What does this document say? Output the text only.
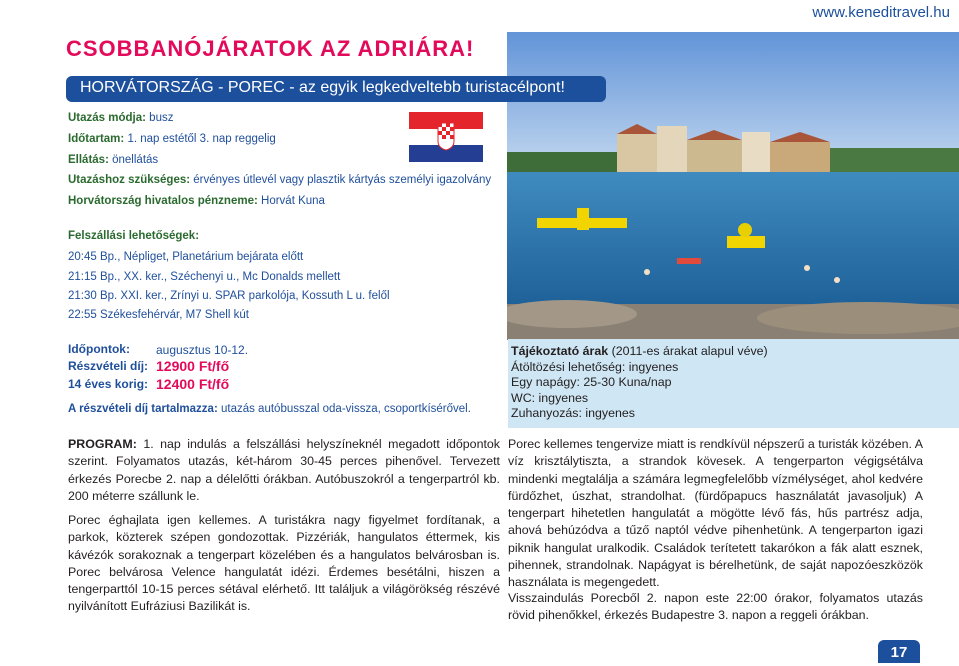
www.keneditravel.hu
CSOBBANÓJÁRATOK AZ ADRIÁRA!
HORVÁTORSZÁG - POREC - az egyik legkedveltebb turistacélpont!
Utazás módja: busz
Időtartam: 1. nap estétől 3. nap reggelig
Ellátás: önellátás
Utazáshoz szükséges: érvényes útlevél vagy plasztik kártyás személyi igazolvány
Horvátország hivatalos pénzneme: Horvát Kuna
Felszállási lehetőségek:
20:45 Bp., Népliget, Planetárium bejárata előtt
21:15 Bp., XX. ker., Széchenyi u., Mc Donalds mellett
21:30 Bp. XXI. ker., Zrínyi u. SPAR parkolója, Kossuth L u. felől
22:55 Székesfehérvár, M7 Shell kút
Időpontok: augusztus 10-12.
Részvételi díj: 12900 Ft/fő
14 éves korig: 12400 Ft/fő
A részvételi díj tartalmazza: utazás autóbusszal oda-vissza, csoportkísérővel.
PROGRAM: 1. nap indulás a felszállási helyszíneknél megadott időpontok szerint. Folyamatos utazás, két-három 30-45 perces pihenővel. Tervezett érkezés Porecbe 2. nap a délelőtti órákban. Autóbuszokról a tengerpartról kb. 200 méterre szállunk le.
Porec éghajlata igen kellemes. A turistákra nagy figyelmet fordítanak, a parkok, közterek szépen gondozottak. Pizzériák, hangulatos éttermek, kis kávézók sorakoznak a tengerpart közelében és a hangulatos belvárosban is. Porec belvárosa Velence hangulatát idézi. Érdemes besétálni, hiszen a tengerparttól 10-15 perces sétával elérhető. Itt találjuk a világörökség részévé nyilvánított Eufráziusi Bazilikát is.
Tájékoztató árak (2011-es árakat alapul véve)
Átöltözési lehetőség: ingyenes
Egy napágy: 25-30 Kuna/nap
WC: ingyenes
Zuhanyozás: ingyenes
Porec kellemes tengervize miatt is rendkívül népszerű a turisták közében. A víz krisztálytiszta, a strandok kövesek. A tengerparton végigsétálva mindenki megtalálja a számára legmegfelelőbb vízmélységet, ahol kedvére fürdőzhet, úszhat, strandolhat. (fürdőpapucs használatát javasoljuk) A tengerpart hihetetlen hangulatát a mögötte lévő fás, hűs partrész adja, ahová behúzódva a tűző naptól védve pihenhetünk. A tengerparton igazi piknik hangulat uralkodik. Családok terítetett takarókon a fák alatt esznek, pihennek, strandolnak. Napágyat is bérelhetünk, de saját napozóeszközök használata is megengedett.
Visszaindulás Porecből 2. napon este 22:00 órakor, folyamatos utazás rövid pihenőkkel, érkezés Budapestre 3. napon a reggeli órákban.
17
